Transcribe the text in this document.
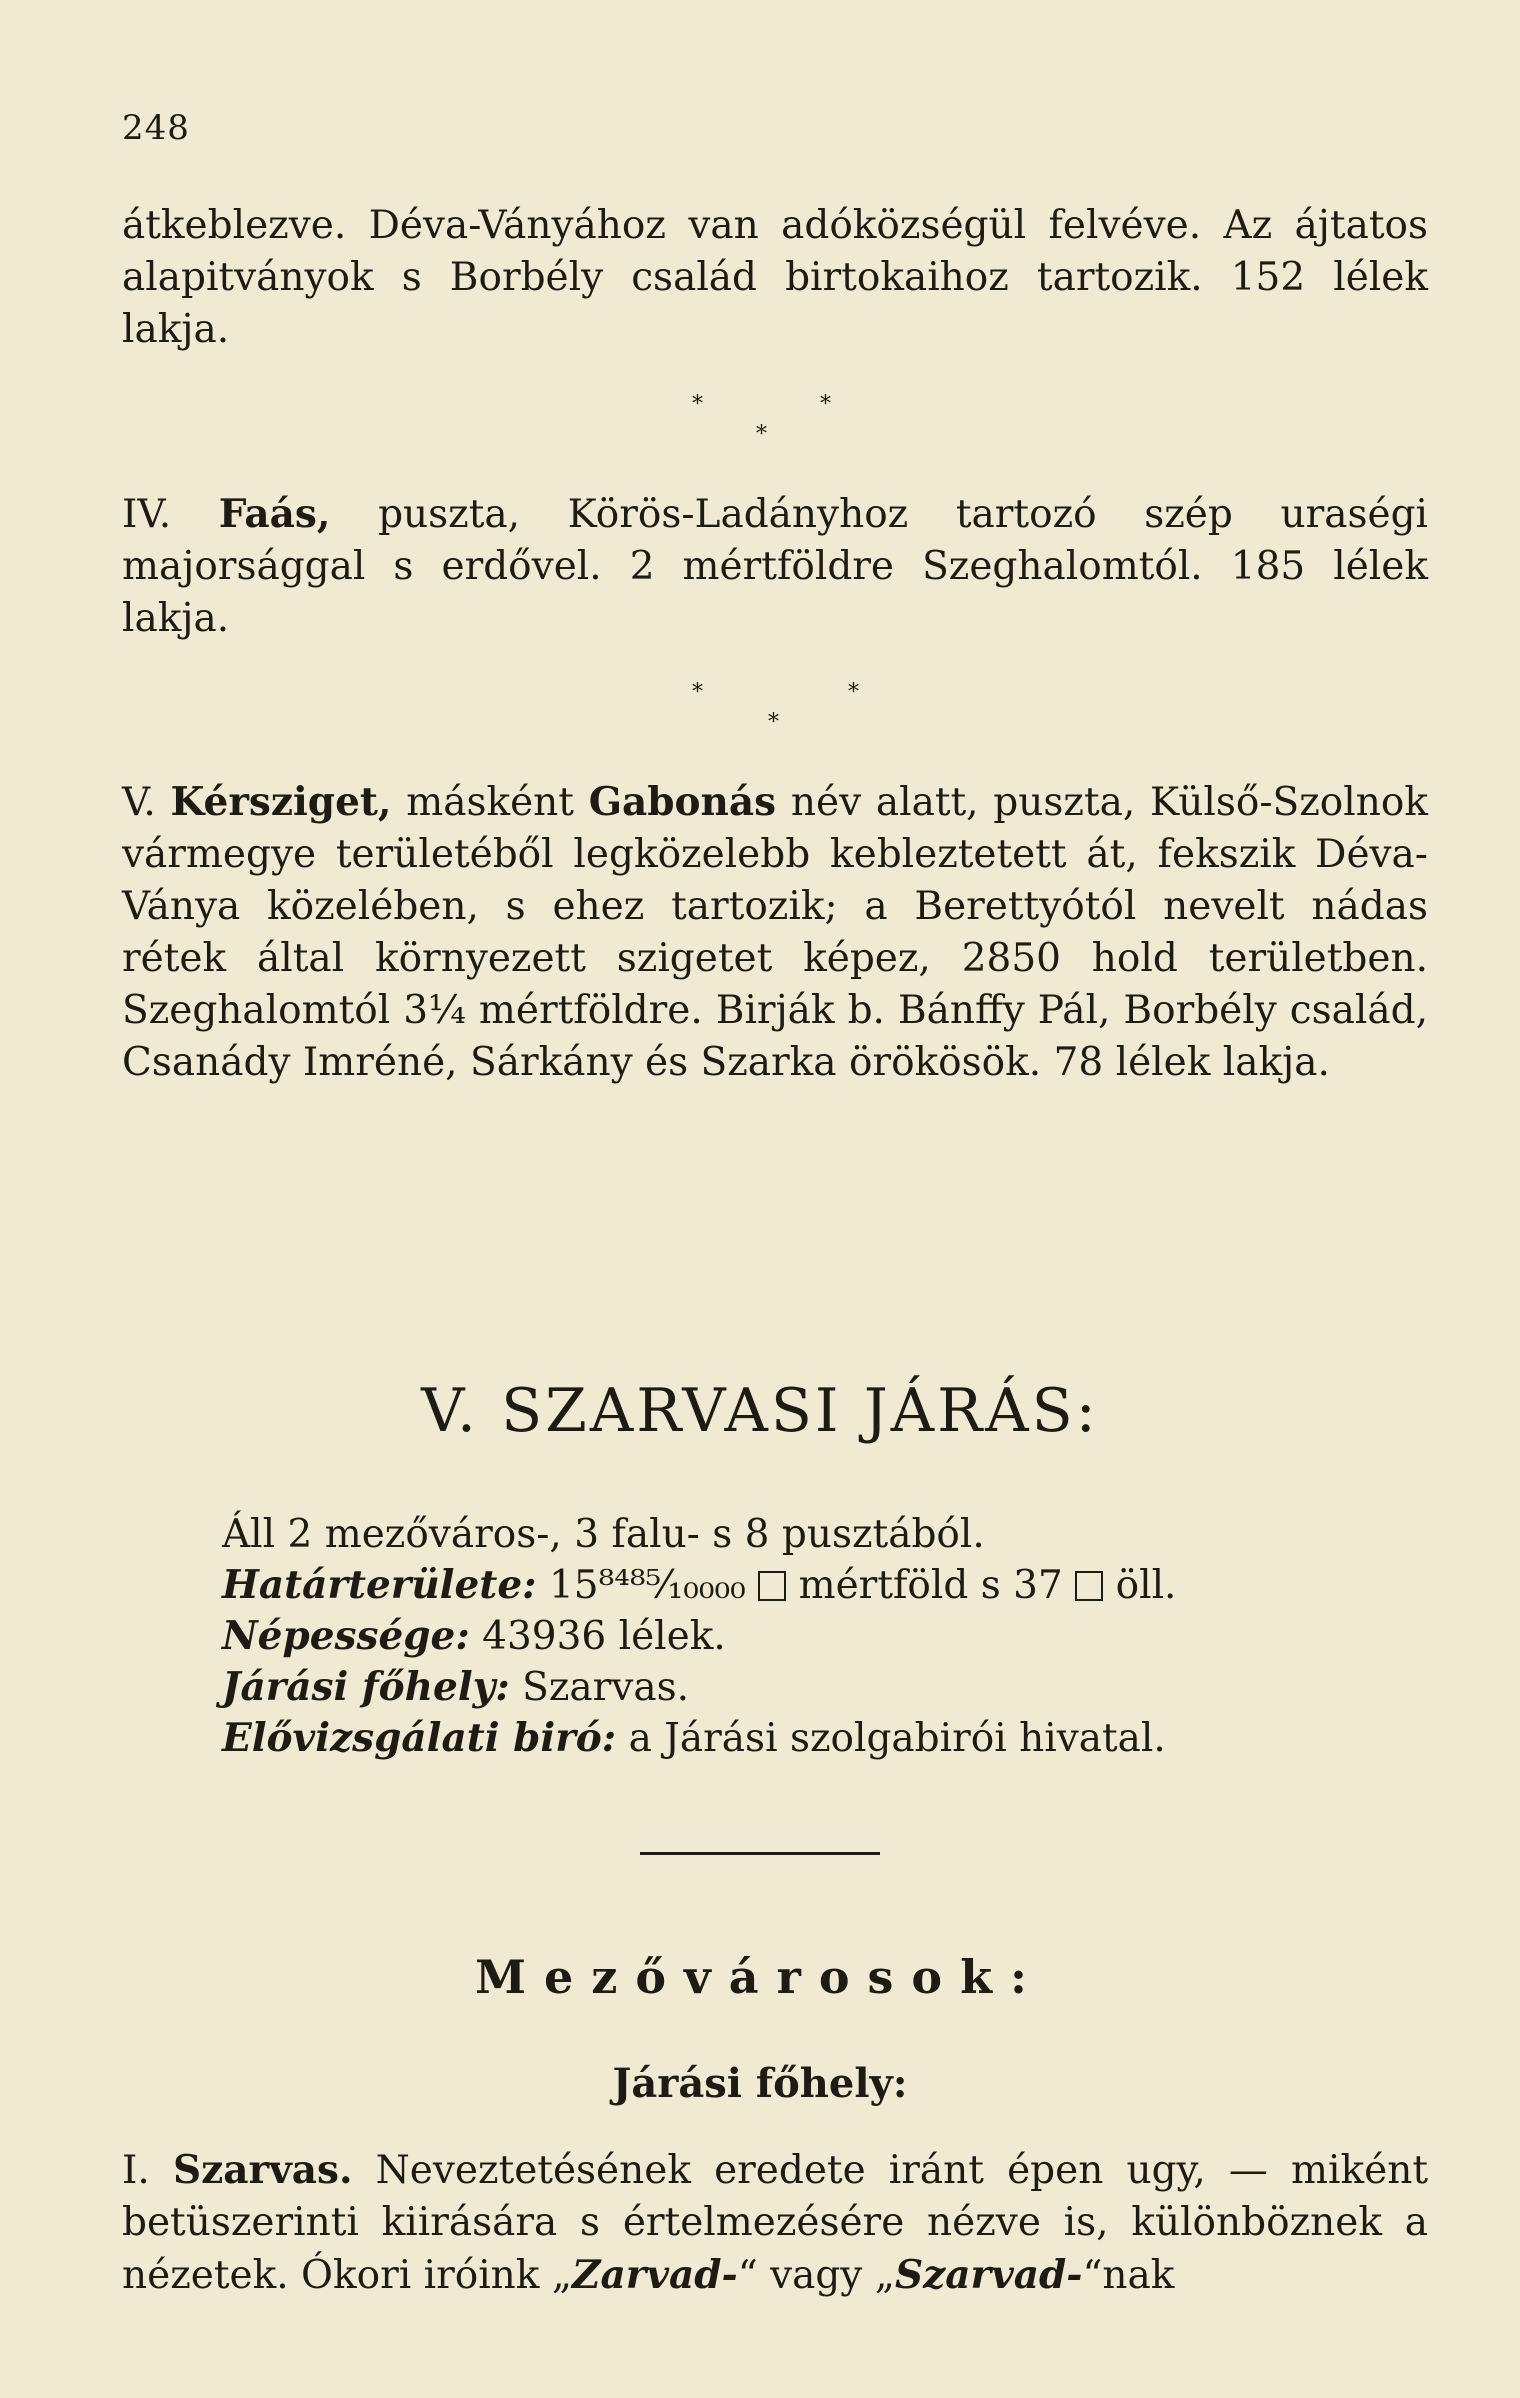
248

átkeblezve. Déva-Ványához van adóközségül felvéve. Az ájtatos alapitványok s Borbély család birtokaihoz tartozik. 152 lélek lakja.

*	*
*

IV. Faás, puszta, Körös-Ladányhoz tartozó szép uraségi majorsággal s erdővel. 2 mértföldre Szeghalomtól. 185 lélek lakja.

*	*
*

V. Kérsziget, másként Gabonás név alatt, puszta, Külső-Szolnok vármegye területéből legközelebb kebleztetett át, fekszik Déva-Ványa közelében, s ehez tartozik; a Berettyótól nevelt nádas rétek által környezett szigetet képez, 2850 hold területben. Szeghalomtól 3¼ mértföldre. Birják b. Bánffy Pál, Borbély család, Csanády Imréné, Sárkány és Szarka örökösök. 78 lélek lakja.

V. SZARVASI JÁRÁS:
Áll 2 mezőváros-, 3 falu- s 8 pusztából.
Határterülete: 15⁸⁴⁸⁵⁄₁₀₀₀₀ mértföld s 37 öll.
Népessége: 43936 lélek.
Járási főhely: Szarvas.
Elővizsgálati biró: a Járási szolgabirói hivatal.
Mezővárosok:
Járási főhely:

I. Szarvas. Neveztetésének eredete iránt épen ugy, — miként betüszerinti kiirására s értelmezésére nézve is, különböznek a nézetek. Ókori iróink „Zarvad-“ vagy „Szarvad-“nak
